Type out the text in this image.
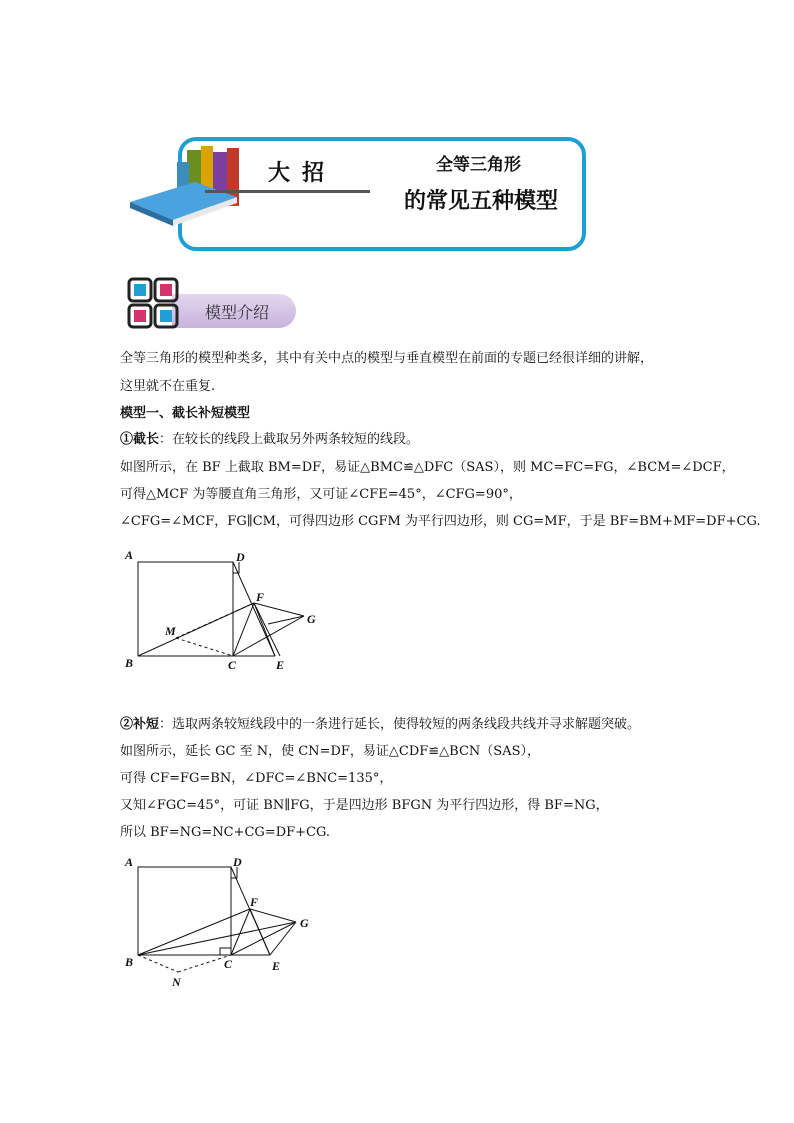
大招	全等三角形
的常见五种模型
模型介绍
全等三角形的模型种类多，其中有关中点的模型与垂直模型在前面的专题已经很详细的讲解，
这里就不在重复.
模型一、截长补短模型
①截长：在较长的线段上截取另外两条较短的线段。
如图所示，在 BF 上截取 BM=DF，易证△BMC≌△DFC（SAS），则 MC=FC=FG，∠BCM=∠DCF，
可得△MCF 为等腰直角三角形，又可证∠CFE=45°，∠CFG=90°，
∠CFG=∠MCF，FG∥CM，可得四边形 CGFM 为平行四边形，则 CG=MF，于是 BF=BM+MF=DF+CG.
A	D
F
G
M
B	C	E
②补短：选取两条较短线段中的一条进行延长，使得较短的两条线段共线并寻求解题突破。
如图所示，延长 GC 至 N，使 CN=DF，易证△CDF≌△BCN（SAS），
可得 CF=FG=BN，∠DFC=∠BNC=135°，
又知∠FGC=45°，可证 BN∥FG，于是四边形 BFGN 为平行四边形，得 BF=NG，
所以 BF=NG=NC+CG=DF+CG.
A	D
F
G
B	C	E
N
